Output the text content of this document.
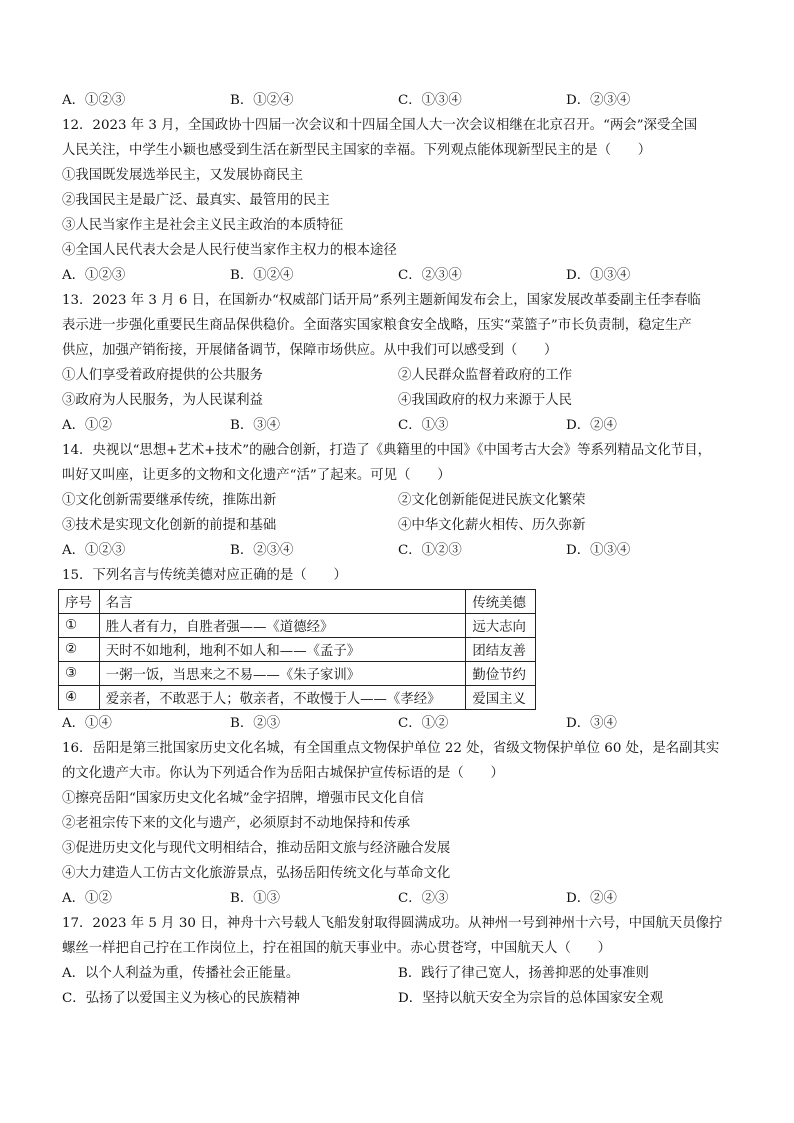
A．①②③	B．①②④	C．①③④	D．②③④
12．2023 年 3 月，全国政协十四届一次会议和十四届全国人大一次会议相继在北京召开。“两会”深受全国
人民关注，中学生小颖也感受到生活在新型民主国家的幸福。下列观点能体现新型民主的是（　　）
①我国既发展选举民主，又发展协商民主
②我国民主是最广泛、最真实、最管用的民主
③人民当家作主是社会主义民主政治的本质特征
④全国人民代表大会是人民行使当家作主权力的根本途径
A．①②③	B．①②④	C．②③④	D．①③④
13．2023 年 3 月 6 日，在国新办“权威部门话开局”系列主题新闻发布会上，国家发展改革委副主任李春临
表示进一步强化重要民生商品保供稳价。全面落实国家粮食安全战略，压实“菜篮子”市长负责制，稳定生产
供应，加强产销衔接，开展储备调节，保障市场供应。从中我们可以感受到（　　）
①人们享受着政府提供的公共服务	②人民群众监督着政府的工作
③政府为人民服务，为人民谋利益	④我国政府的权力来源于人民
A．①②	B．③④	C．①③	D．②④
14．央视以“思想+艺术+技术”的融合创新，打造了《典籍里的中国》《中国考古大会》等系列精品文化节目，
叫好又叫座，让更多的文物和文化遗产“活”了起来。可见（　　）
①文化创新需要继承传统，推陈出新	②文化创新能促进民族文化繁荣
③技术是实现文化创新的前提和基础	④中华文化薪火相传、历久弥新
A．①②③	B．②③④	C．①②③	D．①③④
15．下列名言与传统美德对应正确的是（　　）
序号	名言	传统美德
①	胜人者有力，自胜者强——《道德经》	远大志向
②	天时不如地利，地利不如人和——《孟子》	团结友善
③	一粥一饭，当思来之不易——《朱子家训》	勤俭节约
④	爱亲者，不敢恶于人；敬亲者，不敢慢于人——《孝经》	爱国主义
A．①④	B．②③	C．①②	D．③④
16．岳阳是第三批国家历史文化名城，有全国重点文物保护单位 22 处，省级文物保护单位 60 处，是名副其实
的文化遗产大市。你认为下列适合作为岳阳古城保护宣传标语的是（　　）
①擦亮岳阳“国家历史文化名城”金字招牌，增强市民文化自信
②老祖宗传下来的文化与遗产，必须原封不动地保持和传承
③促进历史文化与现代文明相结合，推动岳阳文旅与经济融合发展
④大力建造人工仿古文化旅游景点，弘扬岳阳传统文化与革命文化
A．①②	B．①③	C．②③	D．②④
17．2023 年 5 月 30 日，神舟十六号载人飞船发射取得圆满成功。从神州一号到神州十六号，中国航天员像拧
螺丝一样把自己拧在工作岗位上，拧在祖国的航天事业中。赤心贯苍穹，中国航天人（　　）
A．以个人利益为重，传播社会正能量。	B．践行了律己宽人，扬善抑恶的处事准则
C．弘扬了以爱国主义为核心的民族精神	D．坚持以航天安全为宗旨的总体国家安全观
